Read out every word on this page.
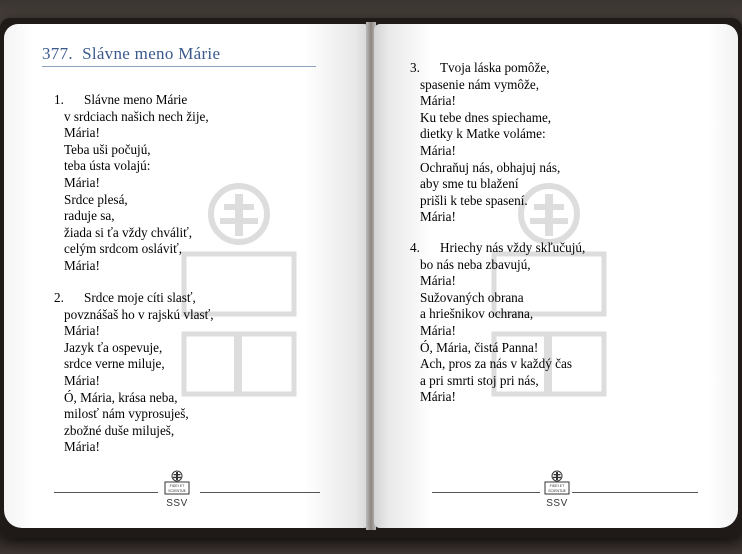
377. Slávne meno Márie
1. Slávne meno Márie
v srdciach našich nech žije,
Mária!
Teba uši počujú,
teba ústa volajú:
Mária!
Srdce plesá,
raduje sa,
žiada si ťa vždy chváliť,
celým srdcom osláviť,
Mária!
2. Srdce moje cíti slasť,
povznášaš ho v rajskú vlasť,
Mária!
Jazyk ťa ospevuje,
srdce verne miluje,
Mária!
Ó, Mária, krása neba,
milosť nám vyprosuješ,
zbožné duše miluješ,
Mária!
FIDEI ET
SCIENTIÆ
SSV
3. Tvoja láska pomôže,
spasenie nám vymôže,
Mária!
Ku tebe dnes spiechame,
dietky k Matke voláme:
Mária!
Ochraňuj nás, obhajuj nás,
aby sme tu blažení
prišli k tebe spasení.
Mária!
4. Hriechy nás vždy skľučujú,
bo nás neba zbavujú,
Mária!
Sužovaných obrana
a hriešnikov ochrana,
Mária!
Ó, Mária, čistá Panna!
Ach, pros za nás v každý čas
a pri smrti stoj pri nás,
Mária!
FIDEI ET
SCIENTIÆ
SSV
